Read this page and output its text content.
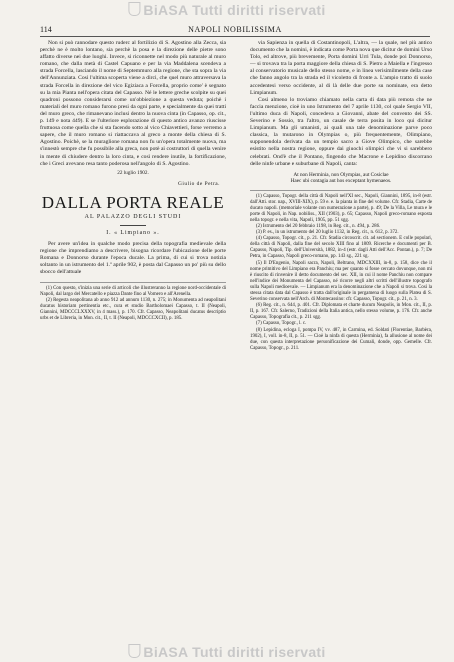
BiASA Tutti diritti riservati
114	NAPOLI NOBILISSIMA

Non si può rannodare questo ruderc al fortilizio di S. Agostino alla Zecca, sia perchè ne è molto lontano, sia perchè la posa e la direzione delle pietre sono affatto diverse nei due luoghi. Invece, si riconnette nel modo più naturale al muro romano, che dalla metà di Castel Capuano e per la via Maddalena scendeva a strada Forcella, lasciando il nome di Septemmuro alla regione, che sta sopra la via dell'Annunziata. Così l'ultima scoperta viene a dirci, che quel muro attraversava la strada Forcella in direzione del vico Egiziaca a Forcella, proprio come' è segnato su la mia Pianta nell'opera citata del Capasso. Né le lettere greche scolpite su quei quadroni possono considerarsi come un'obbiezione a questa veduta; poichè i materiali del muro romano furono presi da ogni parte, e specialmente da quei tratti del muro greco, che rimanevano inclusi dentro la nuova cinta (in Capasso, op. cit., p. 149 e nota 449). E se l'ulteriore esplorazione di questo antico avanzo riuscisse fruttuosa come quella che si sta facendo sotto al vico Chiavettieri, forse verremo a sapere, che il muro romano si riattaccava al greco a monte della chiesa di S. Agostino. Poichè, se la muraglione romana non fu un'opera totalmente nuova, ma s'innestò sempre che fu possibile alla greca, non potè ai costruttori di quella venire in mente di chiudere dentro la loro cinta, e così rendere inutile, la fortificazione, che i Greci avevano resa tanto poderosa nell'angolo di S. Agostino.

22 luglio 1902.
Giulio de Petra.
DALLA PORTA REALE
AL PALAZZO DEGLI STUDI
I. « Limpiano ».

Per avere un'idea in qualche modo precisa della topografia medievale della regione che imprendiamo a descrivere, bisogna ricordare l'ubicazione delle porte Romana e Donnorso durante l'epoca ducale. La prima, di cui si trova notizia soltanto in un istrumento del 1.º aprile 902, è posta dal Capasso un po' più su dello sbocco dell'attuale

(1) Con questo, s'inizia una serie di articoli che illustreranno la regione nord-occidentale di Napoli, dal largo del Mercatello e piazza Dante fino al Vomero e all'Arenella.

(2) Regesta neapolitana ab anno 912 ad annum 1130, n. 275; in Monumenta ad neapolitani ducatus historiam pertinentia etc., cura et studio Bartholomaei Capasso, t. II (Neapoli, Giannini, MDCCCLXXXV, in 4 mass.), p. 170. Cfr. Capasso, Neapolitani ducatus descriptio urbs et de Libreria, in Mon. cit., II, t. II (Neapoli, MDCCCXCII), p. 185.

via Sapienza in quella di Costantinopoli, L'altra, — la quale, nel più antico documento che la nomini, è indicata come Porta nova que dicitur de domini Urso Tolo, ed altrove, più brevemente, Porta domini Urri Tula, donde poi Donnorso, — si trovava tra la porta maggiore della chiesa di S. Pietro a Maiella e l'ingresso al conservatorio musicale dello stesso nome, e in linea verisimilmente della case che fanno angolo tra la strada ed il vicoletto di fronte a. L'ampio tratto di suolo accedentesi verso occidente, al di là delle due porte su nominate, era detto Limpianum.

Così almeno lo troviamo chiamato nella carta di data più remota che ne faccia menzione, cioè in uno Istrumento del 7 aprile 1130, col quale Sergio VII, l'ultimo duca di Napoli, concedeva a Giovanni, abate del convento dei SS. Severino e Sossio, tra l'altro, un casale de terra posita in loco qui dicitur Limpianum. Ma gli umanisti, ai quali una tale denominazione parve poco classica, la mutarono in Olympias o, più frequentemente, Olimpiano, supponendola derivata da un tempio sacro a Giove Olimpico, che sarebbe esistito nella nostra regione, oppure dai giuochi olimpici che vi si sarebbero celebrati. Ond'è che il Pontano, fingendo che Macrone e Lepidino discorrano delle ninfe urbane e suburbane di Napoli, canta:

At non Herminia, non Olympias, aut Cosiclae
Haec ubi contagia aut hos exceptant hymenaeos.

(1) Capasso, Topogr. della città di Napoli nell'XI sec., Napoli, Giannini, 1895, in-8 (estr. dall'Atti. stor. nap., XVIII-XIX), p. 59 e. e. la pianta in fine del volume. Cfr. Stadia, Carte de ducato napoli. (memoriale volante con numerazione a parte), p. 49; De la Villa, Le mura e le porte di Napoli, in Nap. nobiliss., XII (1903), p. 65; Capasso, Napoli greco-romano esposta nella topogr. e nella vita, Napoli, 1905, pp. 51 sgg.

(2) Istrumento del 20 febbraio 1198, in Reg. cit., n. 494, p. 286.

(3) P. es., in un istrumento del 20 luglio 1132, in Reg. cit., n. 612, p. 372.

(4) Capasso, Topogr. cit., p. 21. Cfr. Stadia circoscrit. cit. ad sectionem. E colle popolari, della città di Napoli, dalla fine del secolo XIII fino al 1809. Ricerche e documenti per B. Capasso, Napoli, Tip. dell'Università, 1882, in-4 (estr. dagli Atti dell'Acc. Pontan.), p. 7; De Petra, in Capasso, Napoli greco-romano, pp. 143 sg., 221 sg.

(5) Il D'Engenio, Napoli sacra, Napoli, Beltrano, MDCXXIII, in-8, p. 158, dice che il nome primitivo del Limpiano era Panchiu; ma per quanto si fosse cercato dovunque, non mi è riuscito di rinvenire il detto documento del sec. XII, in cui il nome Panchiu non compare nell'indice dei Monumenta del Capasso, né ricorre negli altri scritti dell'illustre topografo sulla Napoli medioevale. — Limpianum era la denominazione che a Napoli si trova. Così la stessa citata data dal Capasso è tratta dall'originale in pergamena di luogo sulla Platea di S. Severino conservata nell'Arch. di Montecassino: cfr. Capasso, Topogr. cit., p. 21, n. 3.

(6) Reg. cit., n. 644, p. 401. Cfr. Diplomata et charte ducum Neapolis, in Mon. cit., II, p. II, p. 167. Cfr. Salerno, Tradizioni della Italia antica, nello stesso volume, p. 176. Cfr. anche Capasso, Topografia cit., p. 211 sgg.

(7) Capasso, Topogr., l. c.

(8) Lepidina, ecloga I, pompa IV, vv. 487, in Carmina, ed. Soldati (Florentiae, Barbèra, 1902), I, voll. in-8, II, p. 51. — Cioè la ninfa di questa (Herminia), fa allusione al nome dei due, con questa interpretazione personificazione dei Cumali, donde, opp. Gemelle. Cfr. Capasso, Topogr., p. 211.

BiASA Tutti diritti riservati
